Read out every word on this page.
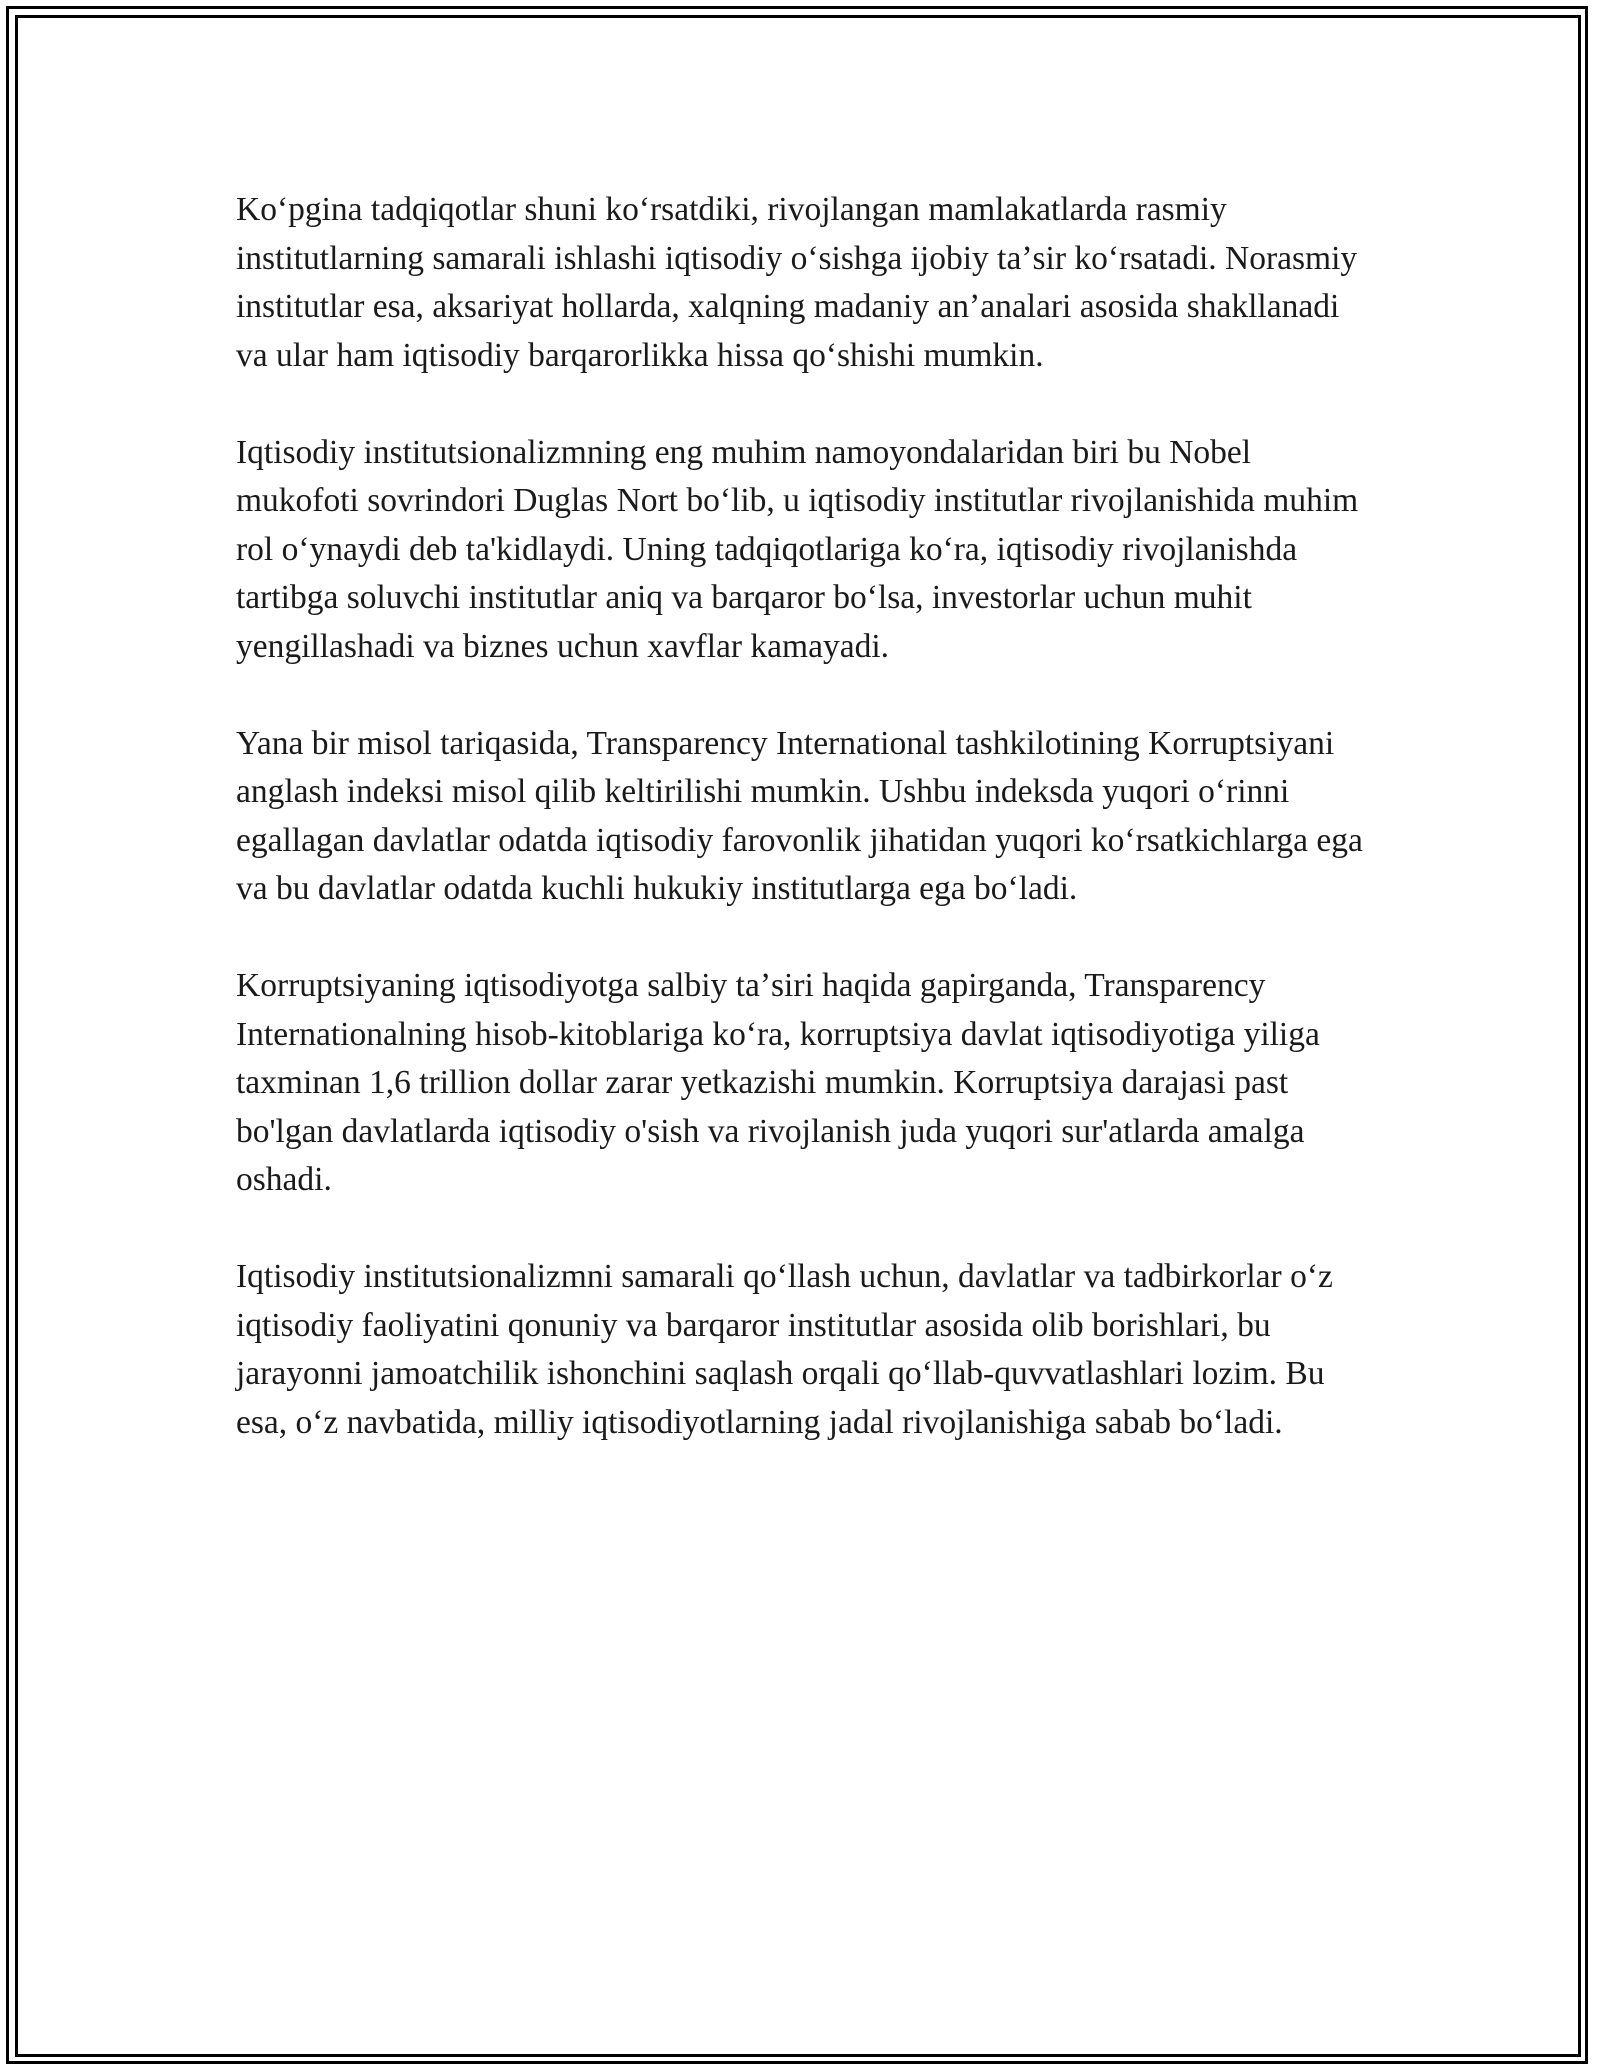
Koʻpgina tadqiqotlar shuni koʻrsatdiki, rivojlangan mamlakatlarda rasmiy institutlarning samarali ishlashi iqtisodiy oʻsishga ijobiy taʼsir koʻrsatadi. Norasmiy institutlar esa, aksariyat hollarda, xalqning madaniy anʼanalari asosida shakllanadi va ular ham iqtisodiy barqarorlikka hissa qoʻshishi mumkin.

Iqtisodiy institutsionalizmning eng muhim namoyondalaridan biri bu Nobel mukofoti sovrindori Duglas Nort boʻlib, u iqtisodiy institutlar rivojlanishida muhim rol oʻynaydi deb ta'kidlaydi. Uning tadqiqotlariga koʻra, iqtisodiy rivojlanishda tartibga soluvchi institutlar aniq va barqaror boʻlsa, investorlar uchun muhit yengillashadi va biznes uchun xavflar kamayadi.

Yana bir misol tariqasida, Transparency International tashkilotining Korruptsiyani anglash indeksi misol qilib keltirilishi mumkin. Ushbu indeksda yuqori oʻrinni egallagan davlatlar odatda iqtisodiy farovonlik jihatidan yuqori koʻrsatkichlarga ega va bu davlatlar odatda kuchli hukukiy institutlarga ega boʻladi.

Korruptsiyaning iqtisodiyotga salbiy taʼsiri haqida gapirganda, Transparency Internationalning hisob-kitoblariga koʻra, korruptsiya davlat iqtisodiyotiga yiliga taxminan 1,6 trillion dollar zarar yetkazishi mumkin. Korruptsiya darajasi past bo'lgan davlatlarda iqtisodiy o'sish va rivojlanish juda yuqori sur'atlarda amalga oshadi.

Iqtisodiy institutsionalizmni samarali qoʻllash uchun, davlatlar va tadbirkorlar oʻz iqtisodiy faoliyatini qonuniy va barqaror institutlar asosida olib borishlari, bu jarayonni jamoatchilik ishonchini saqlash orqali qoʻllab-quvvatlashlari lozim. Bu esa, oʻz navbatida, milliy iqtisodiyotlarning jadal rivojlanishiga sabab boʻladi.
